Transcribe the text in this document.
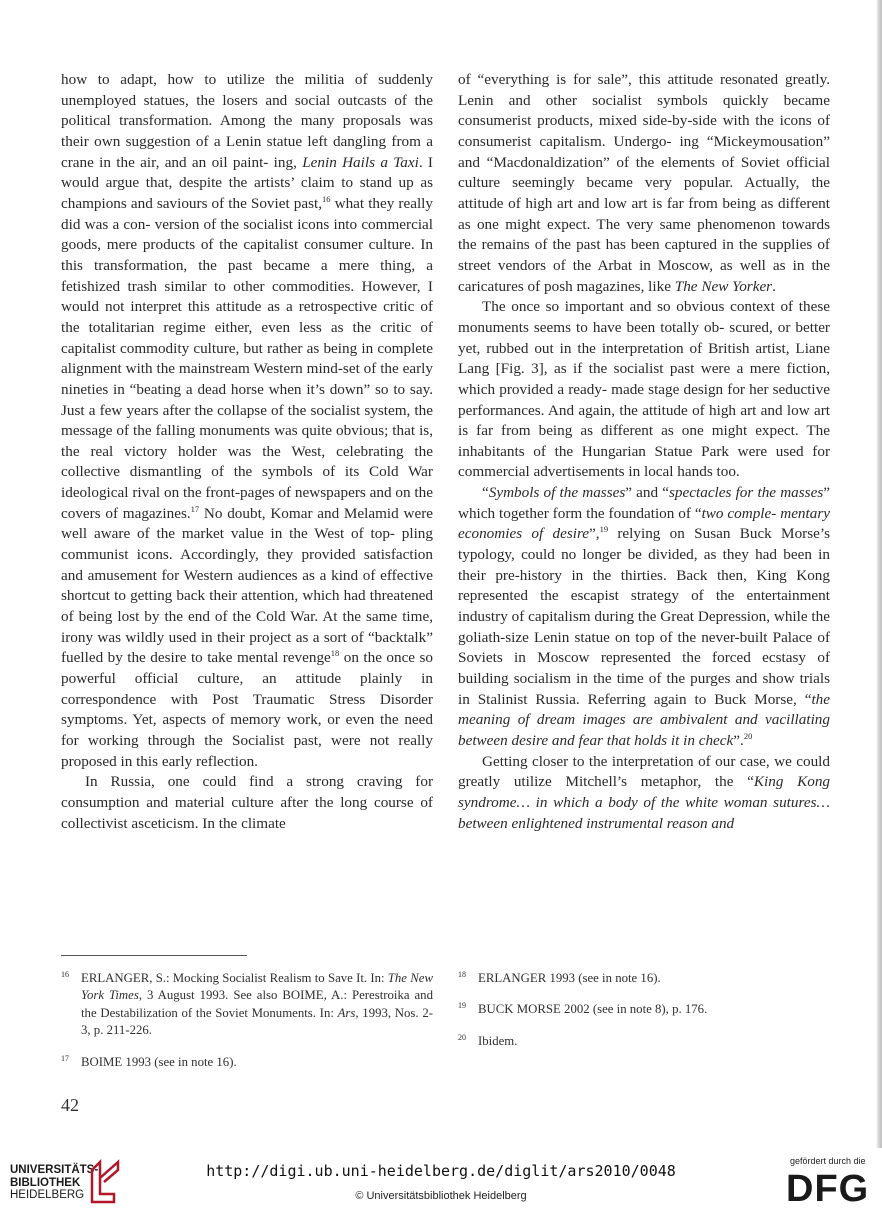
how to adapt, how to utilize the militia of suddenly unemployed statues, the losers and social outcasts of the political transformation. Among the many proposals was their own suggestion of a Lenin statue left dangling from a crane in the air, and an oil paint- ing, Lenin Hails a Taxi. I would argue that, despite the artists’ claim to stand up as champions and saviours of the Soviet past,$^{16}$ what they really did was a con- version of the socialist icons into commercial goods, mere products of the capitalist consumer culture. In this transformation, the past became a mere thing, a fetishized trash similar to other commodities. However, I would not interpret this attitude as a retrospective critic of the totalitarian regime either, even less as the critic of capitalist commodity culture, but rather as being in complete alignment with the mainstream Western mind-set of the early nineties in “beating a dead horse when it’s down” so to say. Just a few years after the collapse of the socialist system, the message of the falling monuments was quite obvious; that is, the real victory holder was the West, celebrating the collective dismantling of the symbols of its Cold War ideological rival on the front-pages of newspapers and on the covers of magazines.$^{17}$ No doubt, Komar and Melamid were well aware of the market value in the West of top- pling communist icons. Accordingly, they provided satisfaction and amusement for Western audiences as a kind of effective shortcut to getting back their attention, which had threatened of being lost by the end of the Cold War. At the same time, irony was wildly used in their project as a sort of “backtalk” fuelled by the desire to take mental revenge$^{18}$ on the once so powerful official culture, an attitude plainly in correspondence with Post Traumatic Stress Disorder symptoms. Yet, aspects of memory work, or even the need for working through the Socialist past, were not really proposed in this early reflection.

In Russia, one could find a strong craving for consumption and material culture after the long course of collectivist asceticism. In the climate

of “everything is for sale”, this attitude resonated greatly. Lenin and other socialist symbols quickly became consumerist products, mixed side-by-side with the icons of consumerist capitalism. Undergo- ing “Mickeymousation” and “Macdonaldization” of the elements of Soviet official culture seemingly became very popular. Actually, the attitude of high art and low art is far from being as different as one might expect. The very same phenomenon towards the remains of the past has been captured in the supplies of street vendors of the Arbat in Moscow, as well as in the caricatures of posh magazines, like The New Yorker.

The once so important and so obvious context of these monuments seems to have been totally ob- scured, or better yet, rubbed out in the interpretation of British artist, Liane Lang [Fig. 3], as if the socialist past were a mere fiction, which provided a ready- made stage design for her seductive performances. And again, the attitude of high art and low art is far from being as different as one might expect. The inhabitants of the Hungarian Statue Park were used for commercial advertisements in local hands too.

“Symbols of the masses” and “spectacles for the masses” which together form the foundation of “two comple- mentary economies of desire”,$^{19}$ relying on Susan Buck Morse’s typology, could no longer be divided, as they had been in their pre-history in the thirties. Back then, King Kong represented the escapist strategy of the entertainment industry of capitalism during the Great Depression, while the goliath-size Lenin statue on top of the never-built Palace of Soviets in Moscow represented the forced ecstasy of building socialism in the time of the purges and show trials in Stalinist Russia. Referring again to Buck Morse, “the meaning of dream images are ambivalent and vacillating between desire and fear that holds it in check”.$^{20}$

Getting closer to the interpretation of our case, we could greatly utilize Mitchell’s metaphor, the “King Kong syndrome… in which a body of the white woman sutures… between enlightened instrumental reason and

16 ERLANGER, S.: Mocking Socialist Realism to Save It. In: The New York Times, 3 August 1993. See also BOIME, A.: Perestroika and the Destabilization of the Soviet Monuments. In: Ars, 1993, Nos. 2-3, p. 211-226.

17 BOIME 1993 (see in note 16).

18 ERLANGER 1993 (see in note 16).

19 BUCK MORSE 2002 (see in note 8), p. 176.

20 Ibidem.

42
UNIVERSITÄTS-
BIBLIOTHEK
HEIDELBERG
http://digi.ub.uni-heidelberg.de/diglit/ars2010/0048
© Universitätsbibliothek Heidelberg
gefördert durch die
DFG
